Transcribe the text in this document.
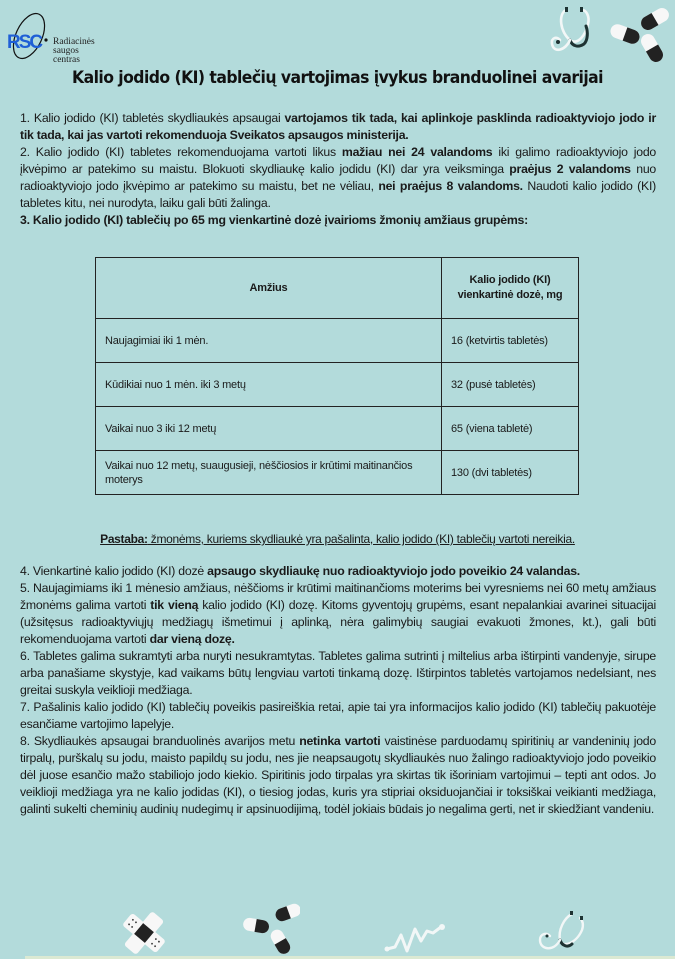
RSC Radiacinės
saugos
centras
Kalio jodido (KI) tablečių vartojimas įvykus branduolinei avarijai

1. Kalio jodido (KI) tabletės skydliaukės apsaugai vartojamos tik tada, kai aplinkoje pasklinda radioaktyviojo jodo ir tik tada, kai jas vartoti rekomenduoja Sveikatos apsaugos ministerija.

2. Kalio jodido (KI) tabletes rekomenduojama vartoti likus mažiau nei 24 valandoms iki galimo radioaktyviojo jodo įkvėpimo ar patekimo su maistu. Blokuoti skydliaukę kalio jodidu (KI) dar yra veiksminga praėjus 2 valandoms nuo radioaktyviojo jodo įkvėpimo ar patekimo su maistu, bet ne vėliau, nei praėjus 8 valandoms. Naudoti kalio jodido (KI) tabletes kitu, nei nurodyta, laiku gali būti žalinga.

3. Kalio jodido (KI) tablečių po 65 mg vienkartinė dozė įvairioms žmonių amžiaus grupėms:

Amžius	Kalio jodido (KI) vienkartinė dozė, mg
Naujagimiai iki 1 mėn.	16 (ketvirtis tabletės)
Kūdikiai nuo 1 mėn. iki 3 metų	32 (pusė tabletės)
Vaikai nuo 3 iki 12 metų	65 (viena tabletė)
Vaikai nuo 12 metų, suaugusieji, nėščiosios ir krūtimi maitinančios moterys	130 (dvi tabletės)
Pastaba: žmonėms, kuriems skydliaukė yra pašalinta, kalio jodido (KI) tablečių vartoti nereikia.

4. Vienkartinė kalio jodido (KI) dozė apsaugo skydliaukę nuo radioaktyviojo jodo poveikio 24 valandas.

5. Naujagimiams iki 1 mėnesio amžiaus, nėščioms ir krūtimi maitinančioms moterims bei vyresniems nei 60 metų amžiaus žmonėms galima vartoti tik vieną kalio jodido (KI) dozę. Kitoms gyventojų grupėms, esant nepalankiai avarinei situacijai (užsitęsus radioaktyviųjų medžiagų išmetimui į aplinką, nėra galimybių saugiai evakuoti žmones, kt.), gali būti rekomenduojama vartoti dar vieną dozę.

6. Tabletes galima sukramtyti arba nuryti nesukramtytas. Tabletes galima sutrinti į miltelius arba ištirpinti vandenyje, sirupe arba panašiame skystyje, kad vaikams būtų lengviau vartoti tinkamą dozę. Ištirpintos tabletės vartojamos nedelsiant, nes greitai suskyla veiklioji medžiaga.

7. Pašalinis kalio jodido (KI) tablečių poveikis pasireiškia retai, apie tai yra informacijos kalio jodido (KI) tablečių pakuotėje esančiame vartojimo lapelyje.

8. Skydliaukės apsaugai branduolinės avarijos metu netinka vartoti vaistinėse parduodamų spiritinių ar vandeninių jodo tirpalų, purškalų su jodu, maisto papildų su jodu, nes jie neapsaugotų skydliaukės nuo žalingo radioaktyviojo jodo poveikio dėl juose esančio mažo stabiliojo jodo kiekio. Spiritinis jodo tirpalas yra skirtas tik išoriniam vartojimui – tepti ant odos. Jo veiklioji medžiaga yra ne kalio jodidas (KI), o tiesiog jodas, kuris yra stipriai oksiduojančiai ir toksiškai veikianti medžiaga, galinti sukelti cheminių audinių nudegimų ir apsinuodijimą, todėl jokiais būdais jo negalima gerti, net ir skiedžiant vandeniu.
